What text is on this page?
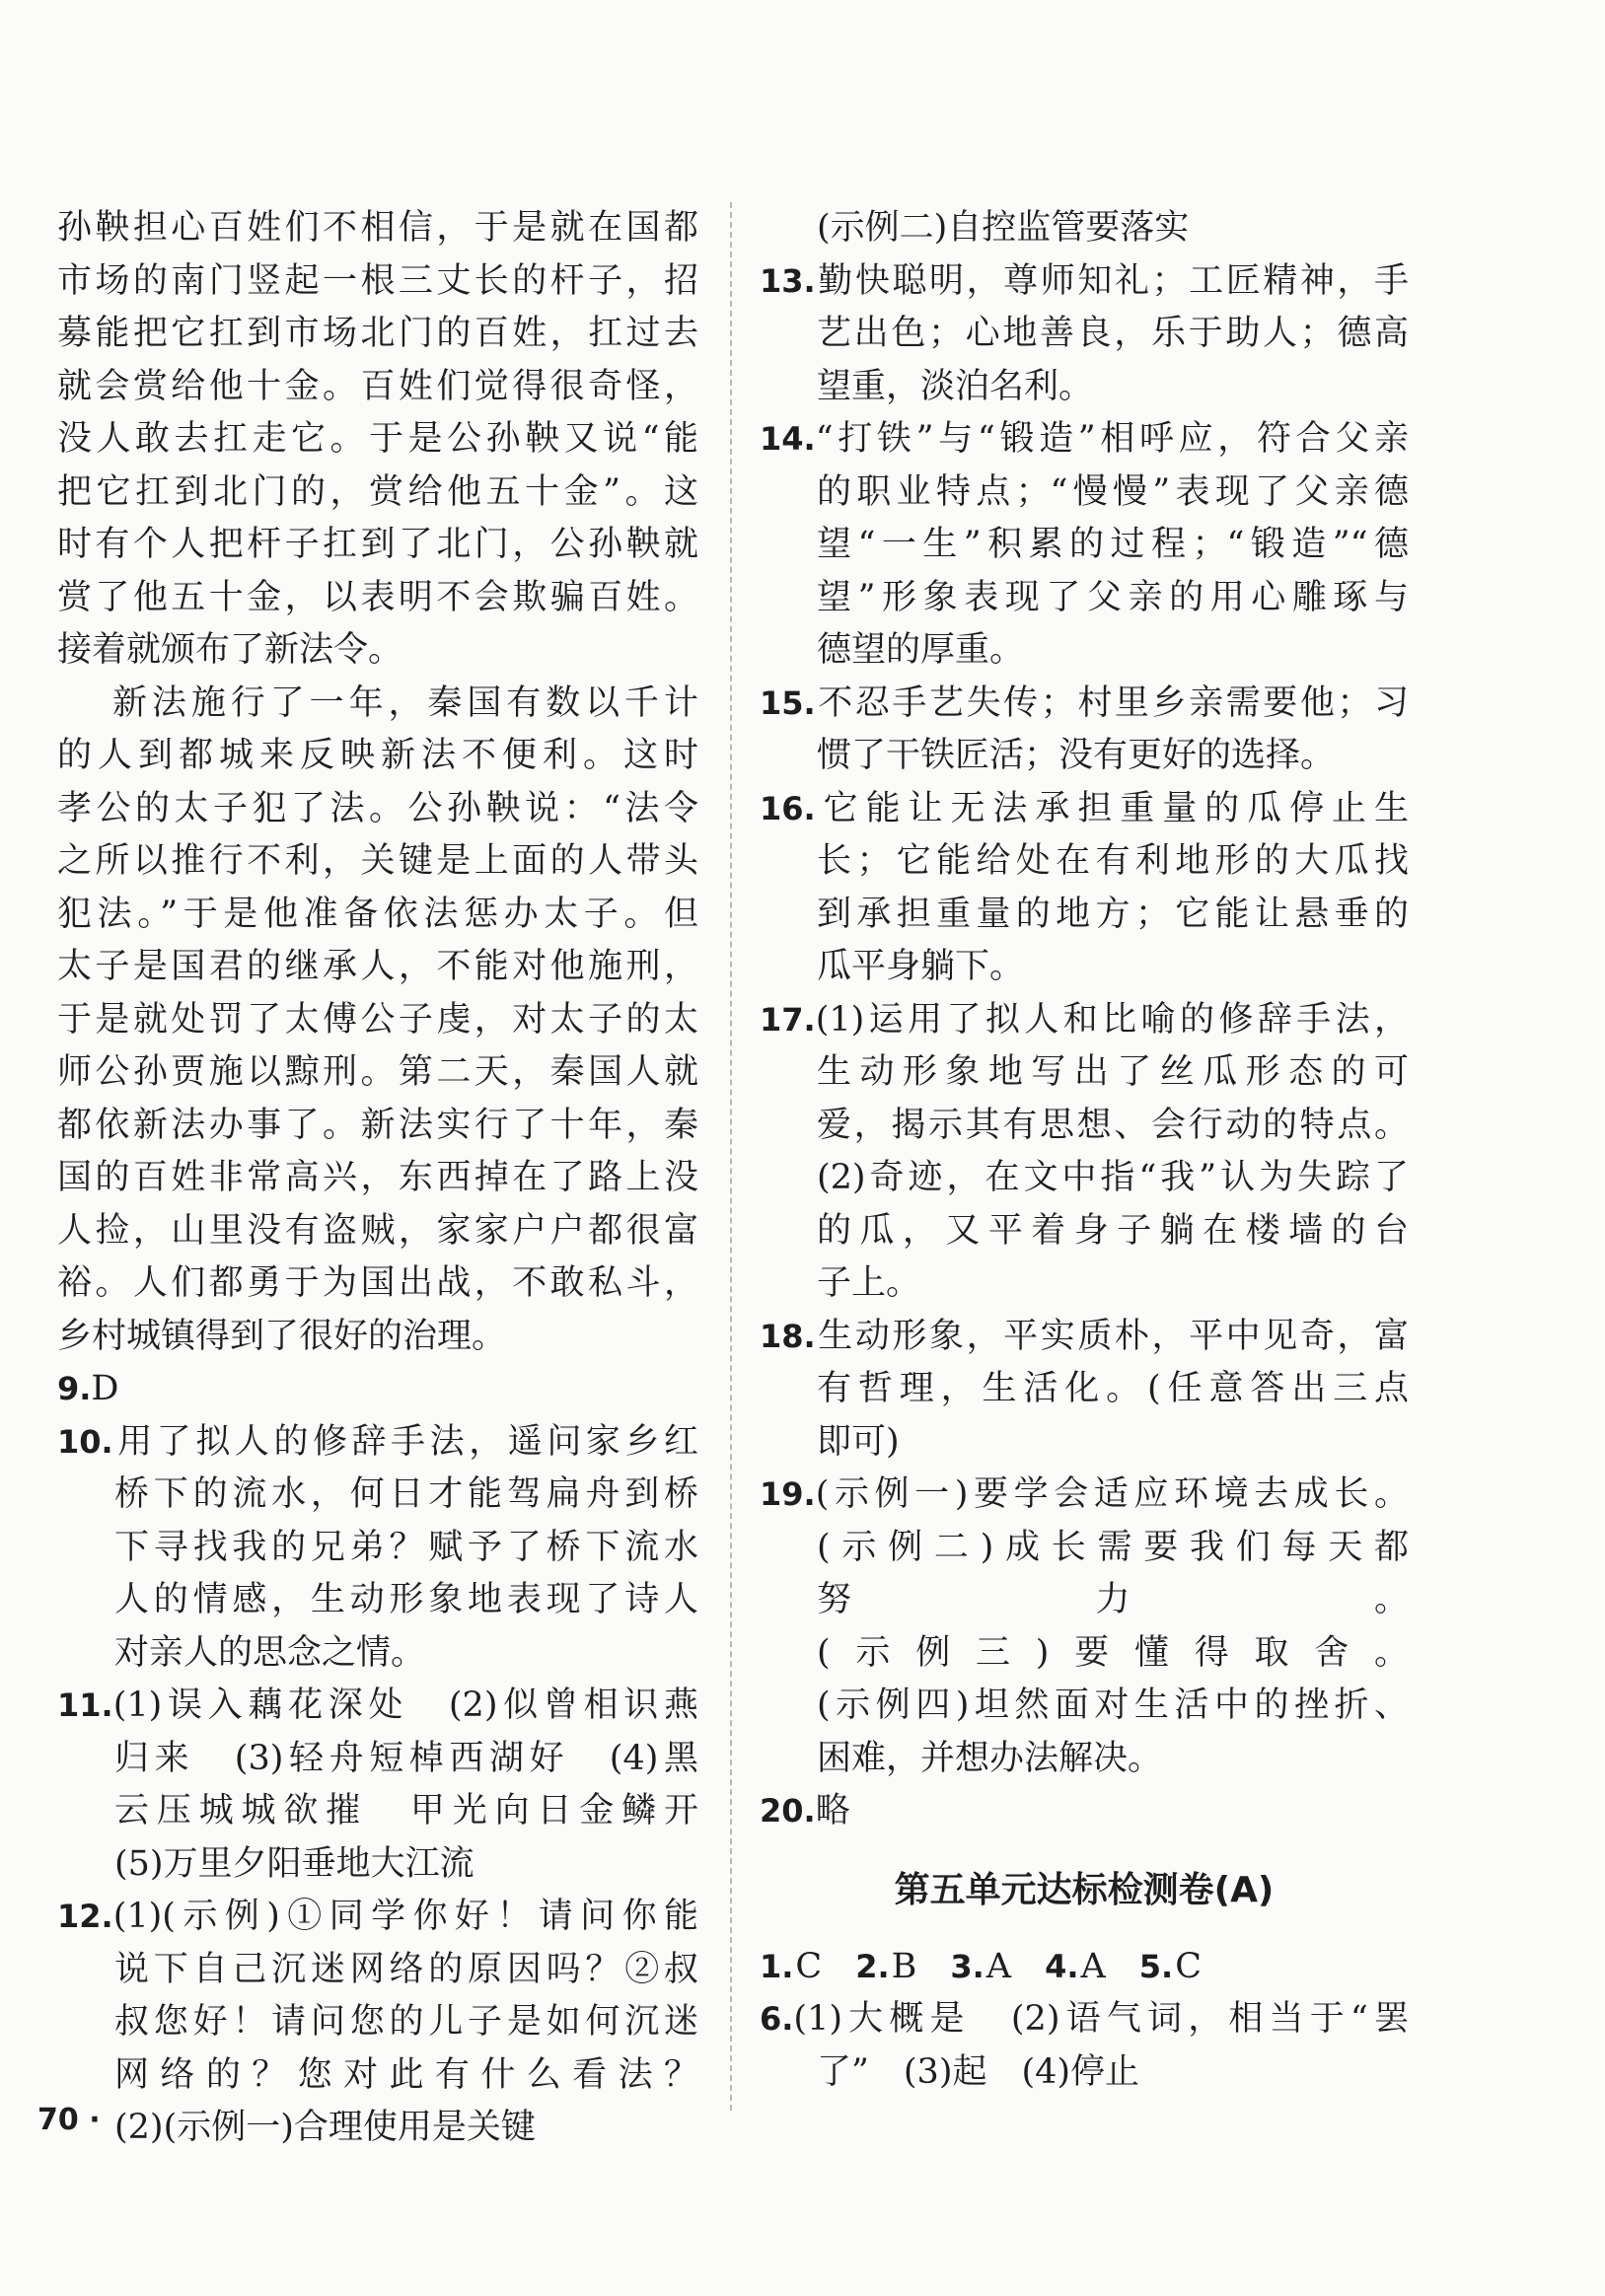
孙鞅担心百姓们不相信，于是就在国都
市场的南门竖起一根三丈长的杆子，招
募能把它扛到市场北门的百姓，扛过去
就会赏给他十金。百姓们觉得很奇怪，
没人敢去扛走它。于是公孙鞅又说“能
把它扛到北门的，赏给他五十金”。这
时有个人把杆子扛到了北门，公孙鞅就
赏了他五十金，以表明不会欺骗百姓。
接着就颁布了新法令。
新法施行了一年，秦国有数以千计
的人到都城来反映新法不便利。这时
孝公的太子犯了法。公孙鞅说：“法令
之所以推行不利，关键是上面的人带头
犯法。”于是他准备依法惩办太子。但
太子是国君的继承人，不能对他施刑，
于是就处罚了太傅公子虔，对太子的太
师公孙贾施以黥刑。第二天，秦国人就
都依新法办事了。新法实行了十年，秦
国的百姓非常高兴，东西掉在了路上没
人捡，山里没有盗贼，家家户户都很富
裕。人们都勇于为国出战，不敢私斗，
乡村城镇得到了很好的治理。
9.D
10.用了拟人的修辞手法，遥问家乡红
桥下的流水，何日才能驾扁舟到桥
下寻找我的兄弟？赋予了桥下流水
人的情感，生动形象地表现了诗人
对亲人的思念之情。
11.(1)误入藕花深处　(2)似曾相识燕
归来　(3)轻舟短棹西湖好　(4)黑
云压城城欲摧　甲光向日金鳞开
(5)万里夕阳垂地大江流
12.(1)(示例)①同学你好！请问你能
说下自己沉迷网络的原因吗？②叔
叔您好！请问您的儿子是如何沉迷
网络的？您对此有什么看法？
(2)(示例一)合理使用是关键
(示例二)自控监管要落实
13.勤快聪明，尊师知礼；工匠精神，手
艺出色；心地善良，乐于助人；德高
望重，淡泊名利。
14.“打铁”与“锻造”相呼应，符合父亲
的职业特点；“慢慢”表现了父亲德
望“一生”积累的过程；“锻造”“德
望”形象表现了父亲的用心雕琢与
德望的厚重。
15.不忍手艺失传；村里乡亲需要他；习
惯了干铁匠活；没有更好的选择。
16.它能让无法承担重量的瓜停止生
长；它能给处在有利地形的大瓜找
到承担重量的地方；它能让悬垂的
瓜平身躺下。
17.(1)运用了拟人和比喻的修辞手法，
生动形象地写出了丝瓜形态的可
爱，揭示其有思想、会行动的特点。
(2)奇迹，在文中指“我”认为失踪了
的瓜，又平着身子躺在楼墙的台
子上。
18.生动形象，平实质朴，平中见奇，富
有哲理，生活化。(任意答出三点
即可)
19.(示例一)要学会适应环境去成长。
(示例二)成长需要我们每天都
努力。
(示例三)要懂得取舍。
(示例四)坦然面对生活中的挫折、
困难，并想办法解决。
20.略
第五单元达标检测卷(A)
1.C 2.B 3.A 4.A 5.C
6.(1)大概是　(2)语气词，相当于“罢
了”　(3)起　(4)停止
70 ·
